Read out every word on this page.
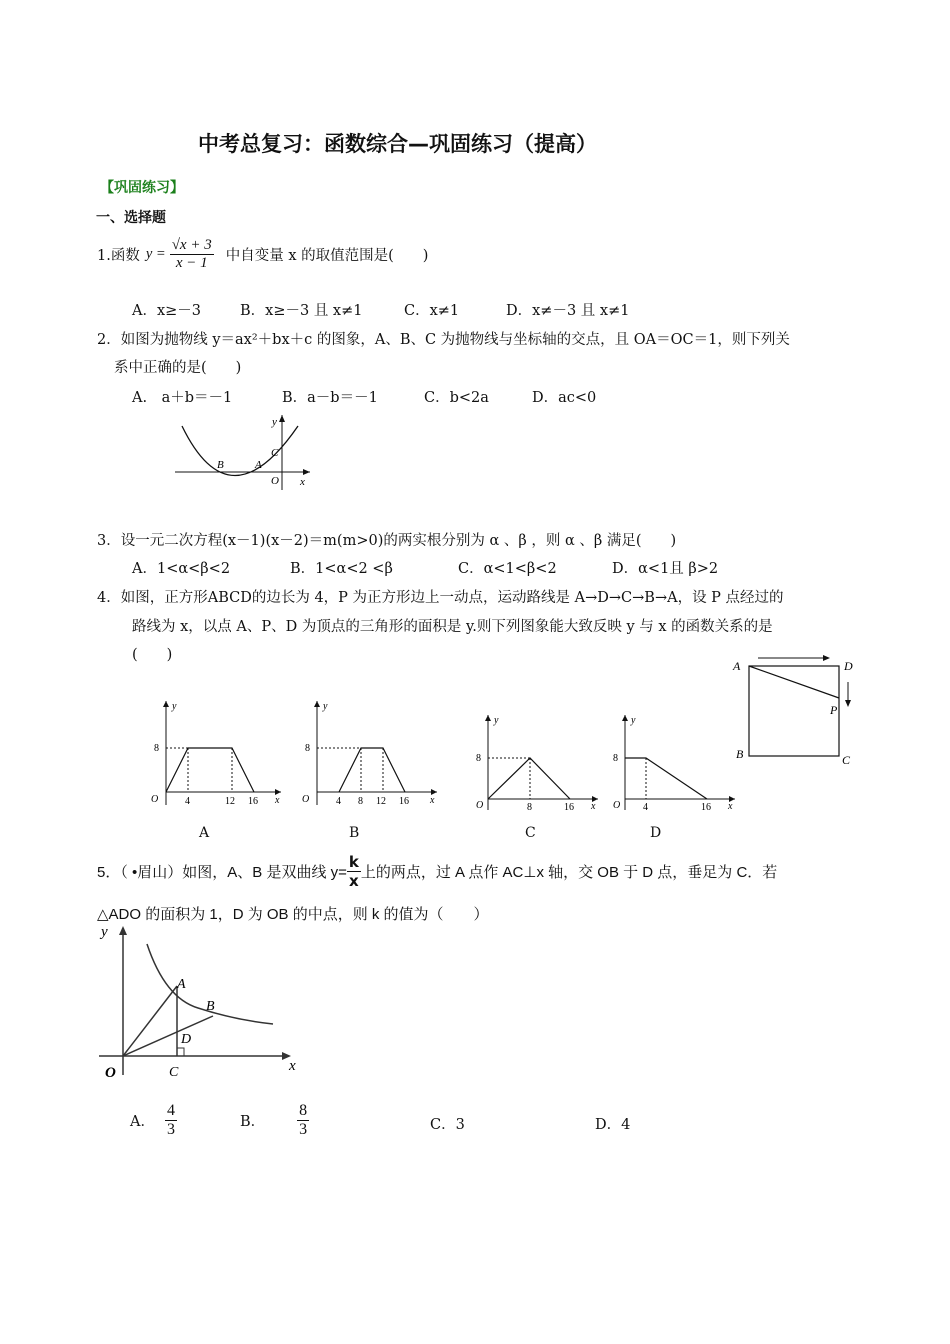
中考总复习：函数综合—巩固练习（提高）
【巩固练习】
一、选择题
1.函数 $y = \frac{√x + 3}{x - 1}$ 中自变量 x 的取值范围是(　　)
A．x≥－3	B．x≥－3 且 x≠1	C．x≠1	D．x≠－3 且 x≠1
2．如图为抛物线 y＝ax²＋bx＋c 的图象，A、B、C 为抛物线与坐标轴的交点，且 OA＝OC＝1，则下列关
系中正确的是(　　)
A.　a＋b＝－1	B．a－b＝－1	C．b<2a	D．ac<0
y
x
O
A
B
C
3．设一元二次方程(x－1)(x－2)＝m(m>0)的两实根分别为 α 、β ，则 α 、β 满足(　　)
A．1<α<β<2	B．1<α<2 <β	C．α<1<β<2	D．α<1且 β>2
4．如图，正方形ABCD的边长为 4，P 为正方形边上一动点，运动路线是 A→D→C→B→A，设 P 点经过的
路线为 x，以点 A、P、D 为顶点的三角形的面积是 y.则下列图象能大致反映 y 与 x 的函数关系的是
(　　)
A	D
B	C
P
y
8
O	4	12 16 x
y
8
O	4 8 12 16 x
y
8
O	8	16 x
y
8
O 4	16 x
A	B	C	D
5．（ •眉山）如图，A、B 是双曲线 $y= \frac{k}{x}$ 上的两点，过 A 点作 AC⊥x 轴，交 OB 于 D 点，垂足为 C．若
△ADO 的面积为 1，D 为 OB 的中点，则 k 的值为（　　）
y
x
O
A
B
D
C
A． $\frac{4}{3}$	B． $\frac{8}{3}$	C．3	D．4
